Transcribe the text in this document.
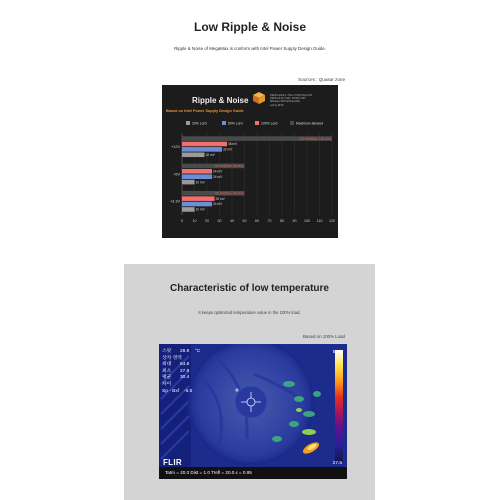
Low Ripple & Noise
Ripple & Noise of MegaMax is conform with Intel Power Supply Design Guide.
Sources : Quasar zone
Ripple & Noise
Based on Intel Power Supply Design Guide
FSP2.0-2014-1 / 5VA / 3.3V(3.3V)+3.0V
FSP2.0-3-40 / 5VA / 12VDC / 60V
Windows 10 Pro/Home(x64)
Led by ATX4
20% Lord	50% Lord	100% Lord	Maximum allowed
0	10 20 30 40 50 60 70 80 90 100 110 120
+12V
120 mV(Max. 120 mV)
36 mV
32 mV
18 mV
+5V
50 mV(Max. 50 mV)
24 mV
24 mV
10 mV
+3.3V
50 mV(Max. 50 mV)
26 mV
24 mV
10 mV
Characteristic of low temperature
It keeps optimized temperature value in the 100% load.
Based on 100% Load
스팟 28.9 °C
상자 영역
최대 64.8
최소 27.9
평균 30.4
차이
Sp - Bxf -5.5
50.5
27.5
FLIR
Tatm = 20.0 Dist = 1.0 Trefl = 20.0 ε = 0.95
